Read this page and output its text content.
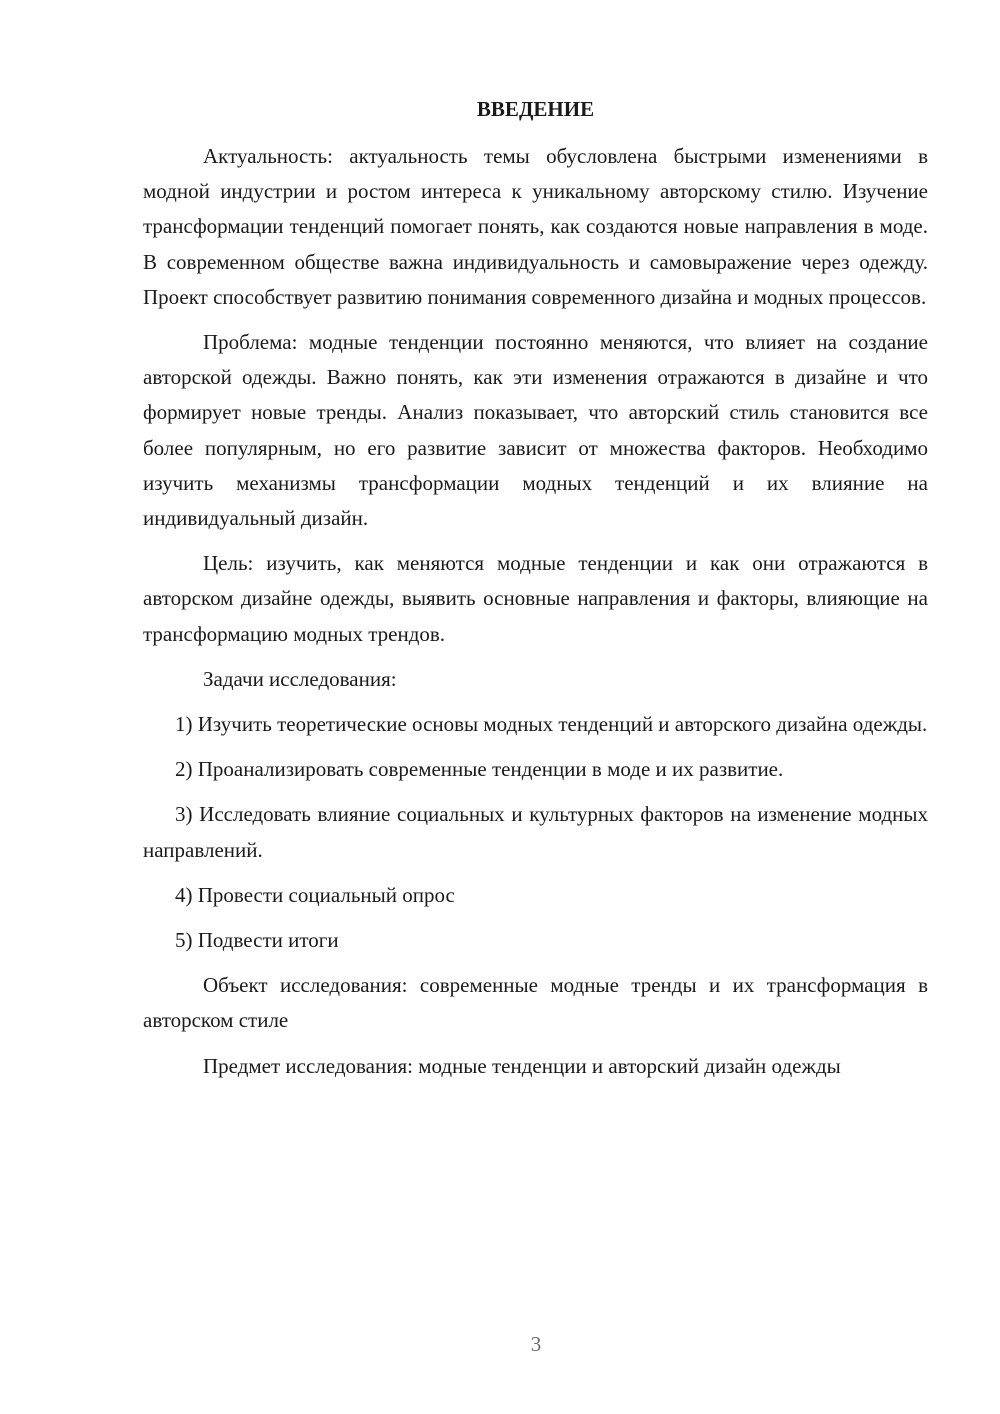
ВВЕДЕНИЕ

Актуальность: актуальность темы обусловлена быстрыми изменениями в модной индустрии и ростом интереса к уникальному авторскому стилю. Изучение трансформации тенденций помогает понять, как создаются новые направления в моде. В современном обществе важна индивидуальность и самовыражение через одежду. Проект способствует развитию понимания современного дизайна и модных процессов.

Проблема: модные тенденции постоянно меняются, что влияет на создание авторской одежды. Важно понять, как эти изменения отражаются в дизайне и что формирует новые тренды. Анализ показывает, что авторский стиль становится все более популярным, но его развитие зависит от множества факторов. Необходимо изучить механизмы трансформации модных тенденций и их влияние на индивидуальный дизайн.

Цель: изучить, как меняются модные тенденции и как они отражаются в авторском дизайне одежды, выявить основные направления и факторы, влияющие на трансформацию модных трендов.

Задачи исследования:

1) Изучить теоретические основы модных тенденций и авторского дизайна одежды.

2) Проанализировать современные тенденции в моде и их развитие.

3) Исследовать влияние социальных и культурных факторов на изменение модных направлений.

4) Провести социальный опрос

5) Подвести итоги

Объект исследования: современные модные тренды и их трансформация в авторском стиле

Предмет исследования: модные тенденции и авторский дизайн одежды

3
